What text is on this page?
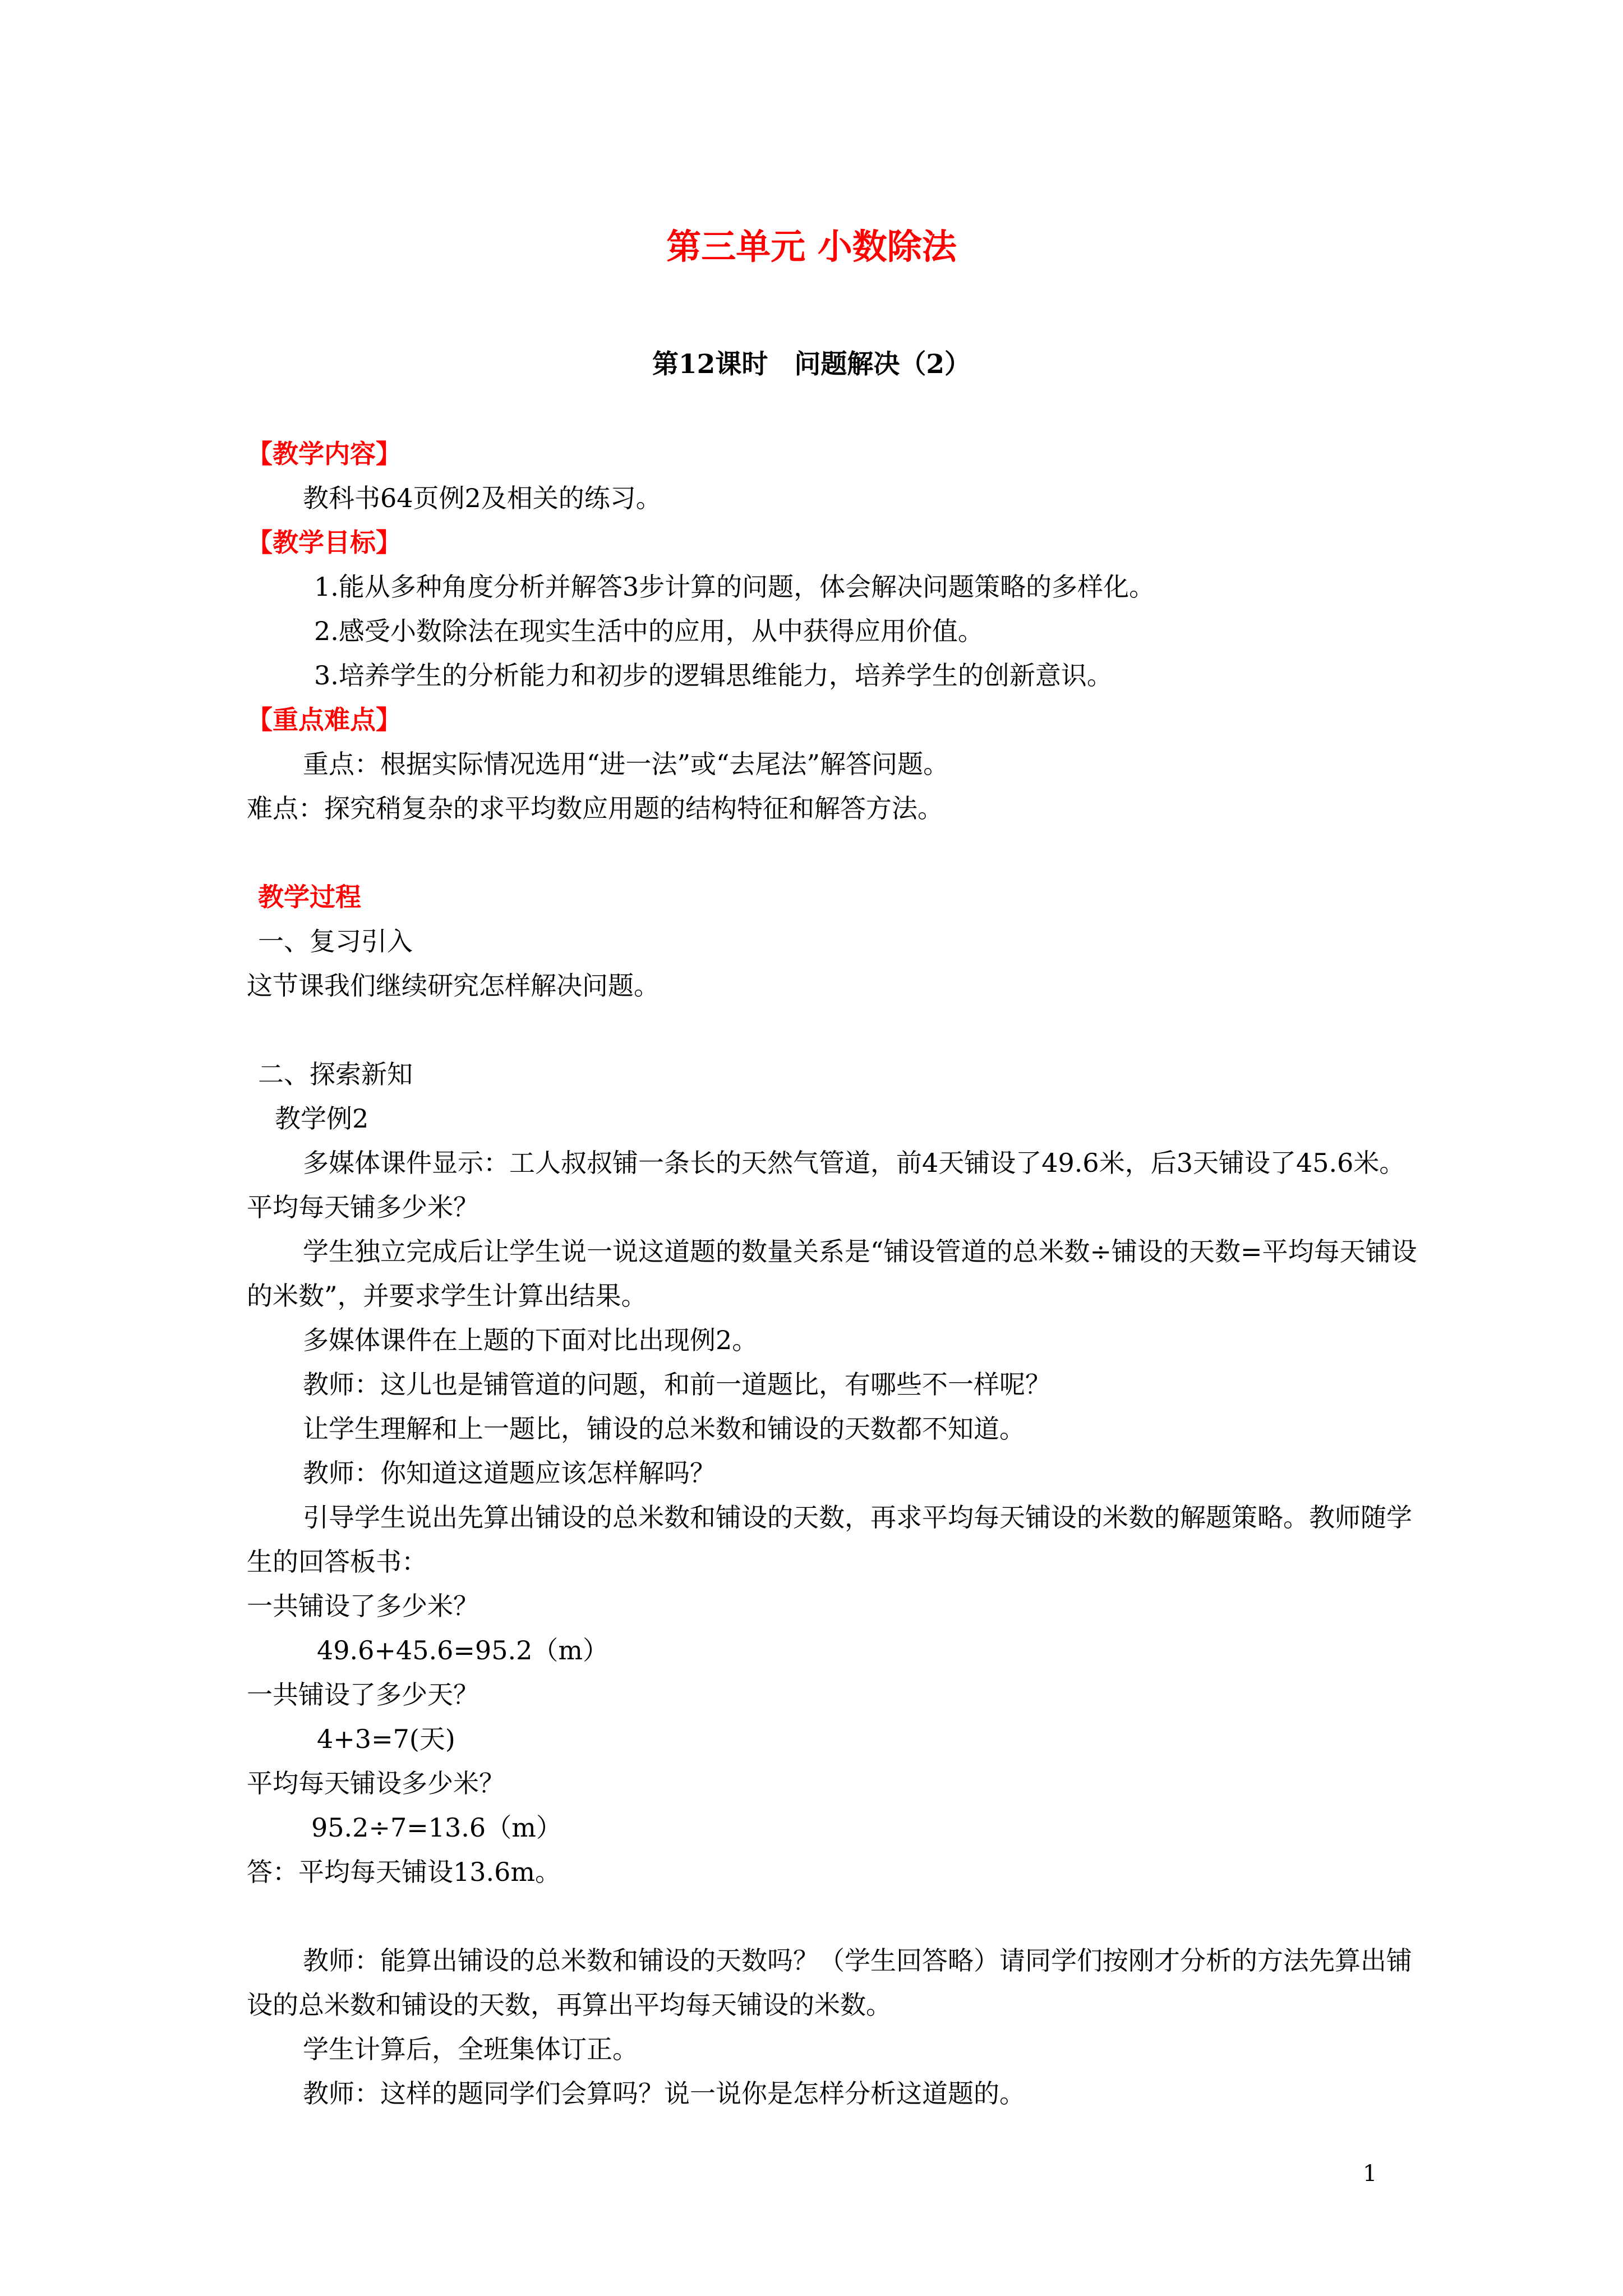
第三单元 小数除法
第12课时　问题解决（2）

【教学内容】

教科书64页例2及相关的练习。

【教学目标】

1.能从多种角度分析并解答3步计算的问题，体会解决问题策略的多样化。

2.感受小数除法在现实生活中的应用，从中获得应用价值。

3.培养学生的分析能力和初步的逻辑思维能力，培养学生的创新意识。

【重点难点】

重点：根据实际情况选用“进一法”或“去尾法”解答问题。

难点：探究稍复杂的求平均数应用题的结构特征和解答方法。

教学过程

一、复习引入

这节课我们继续研究怎样解决问题。

二、探索新知

教学例2

多媒体课件显示：工人叔叔铺一条长的天然气管道，前4天铺设了49.6米，后3天铺设了45.6米。平均每天铺多少米？

学生独立完成后让学生说一说这道题的数量关系是“铺设管道的总米数÷铺设的天数=平均每天铺设的米数”，并要求学生计算出结果。

多媒体课件在上题的下面对比出现例2。

教师：这儿也是铺管道的问题，和前一道题比，有哪些不一样呢？

让学生理解和上一题比，铺设的总米数和铺设的天数都不知道。

教师：你知道这道题应该怎样解吗？

引导学生说出先算出铺设的总米数和铺设的天数，再求平均每天铺设的米数的解题策略。教师随学生的回答板书：

一共铺设了多少米？

49.6+45.6=95.2（m）

一共铺设了多少天？

4+3=7(天)

平均每天铺设多少米？

95.2÷7=13.6（m）

答：平均每天铺设13.6m。

教师：能算出铺设的总米数和铺设的天数吗？（学生回答略）请同学们按刚才分析的方法先算出铺设的总米数和铺设的天数，再算出平均每天铺设的米数。

学生计算后，全班集体订正。

教师：这样的题同学们会算吗？说一说你是怎样分析这道题的。

1
